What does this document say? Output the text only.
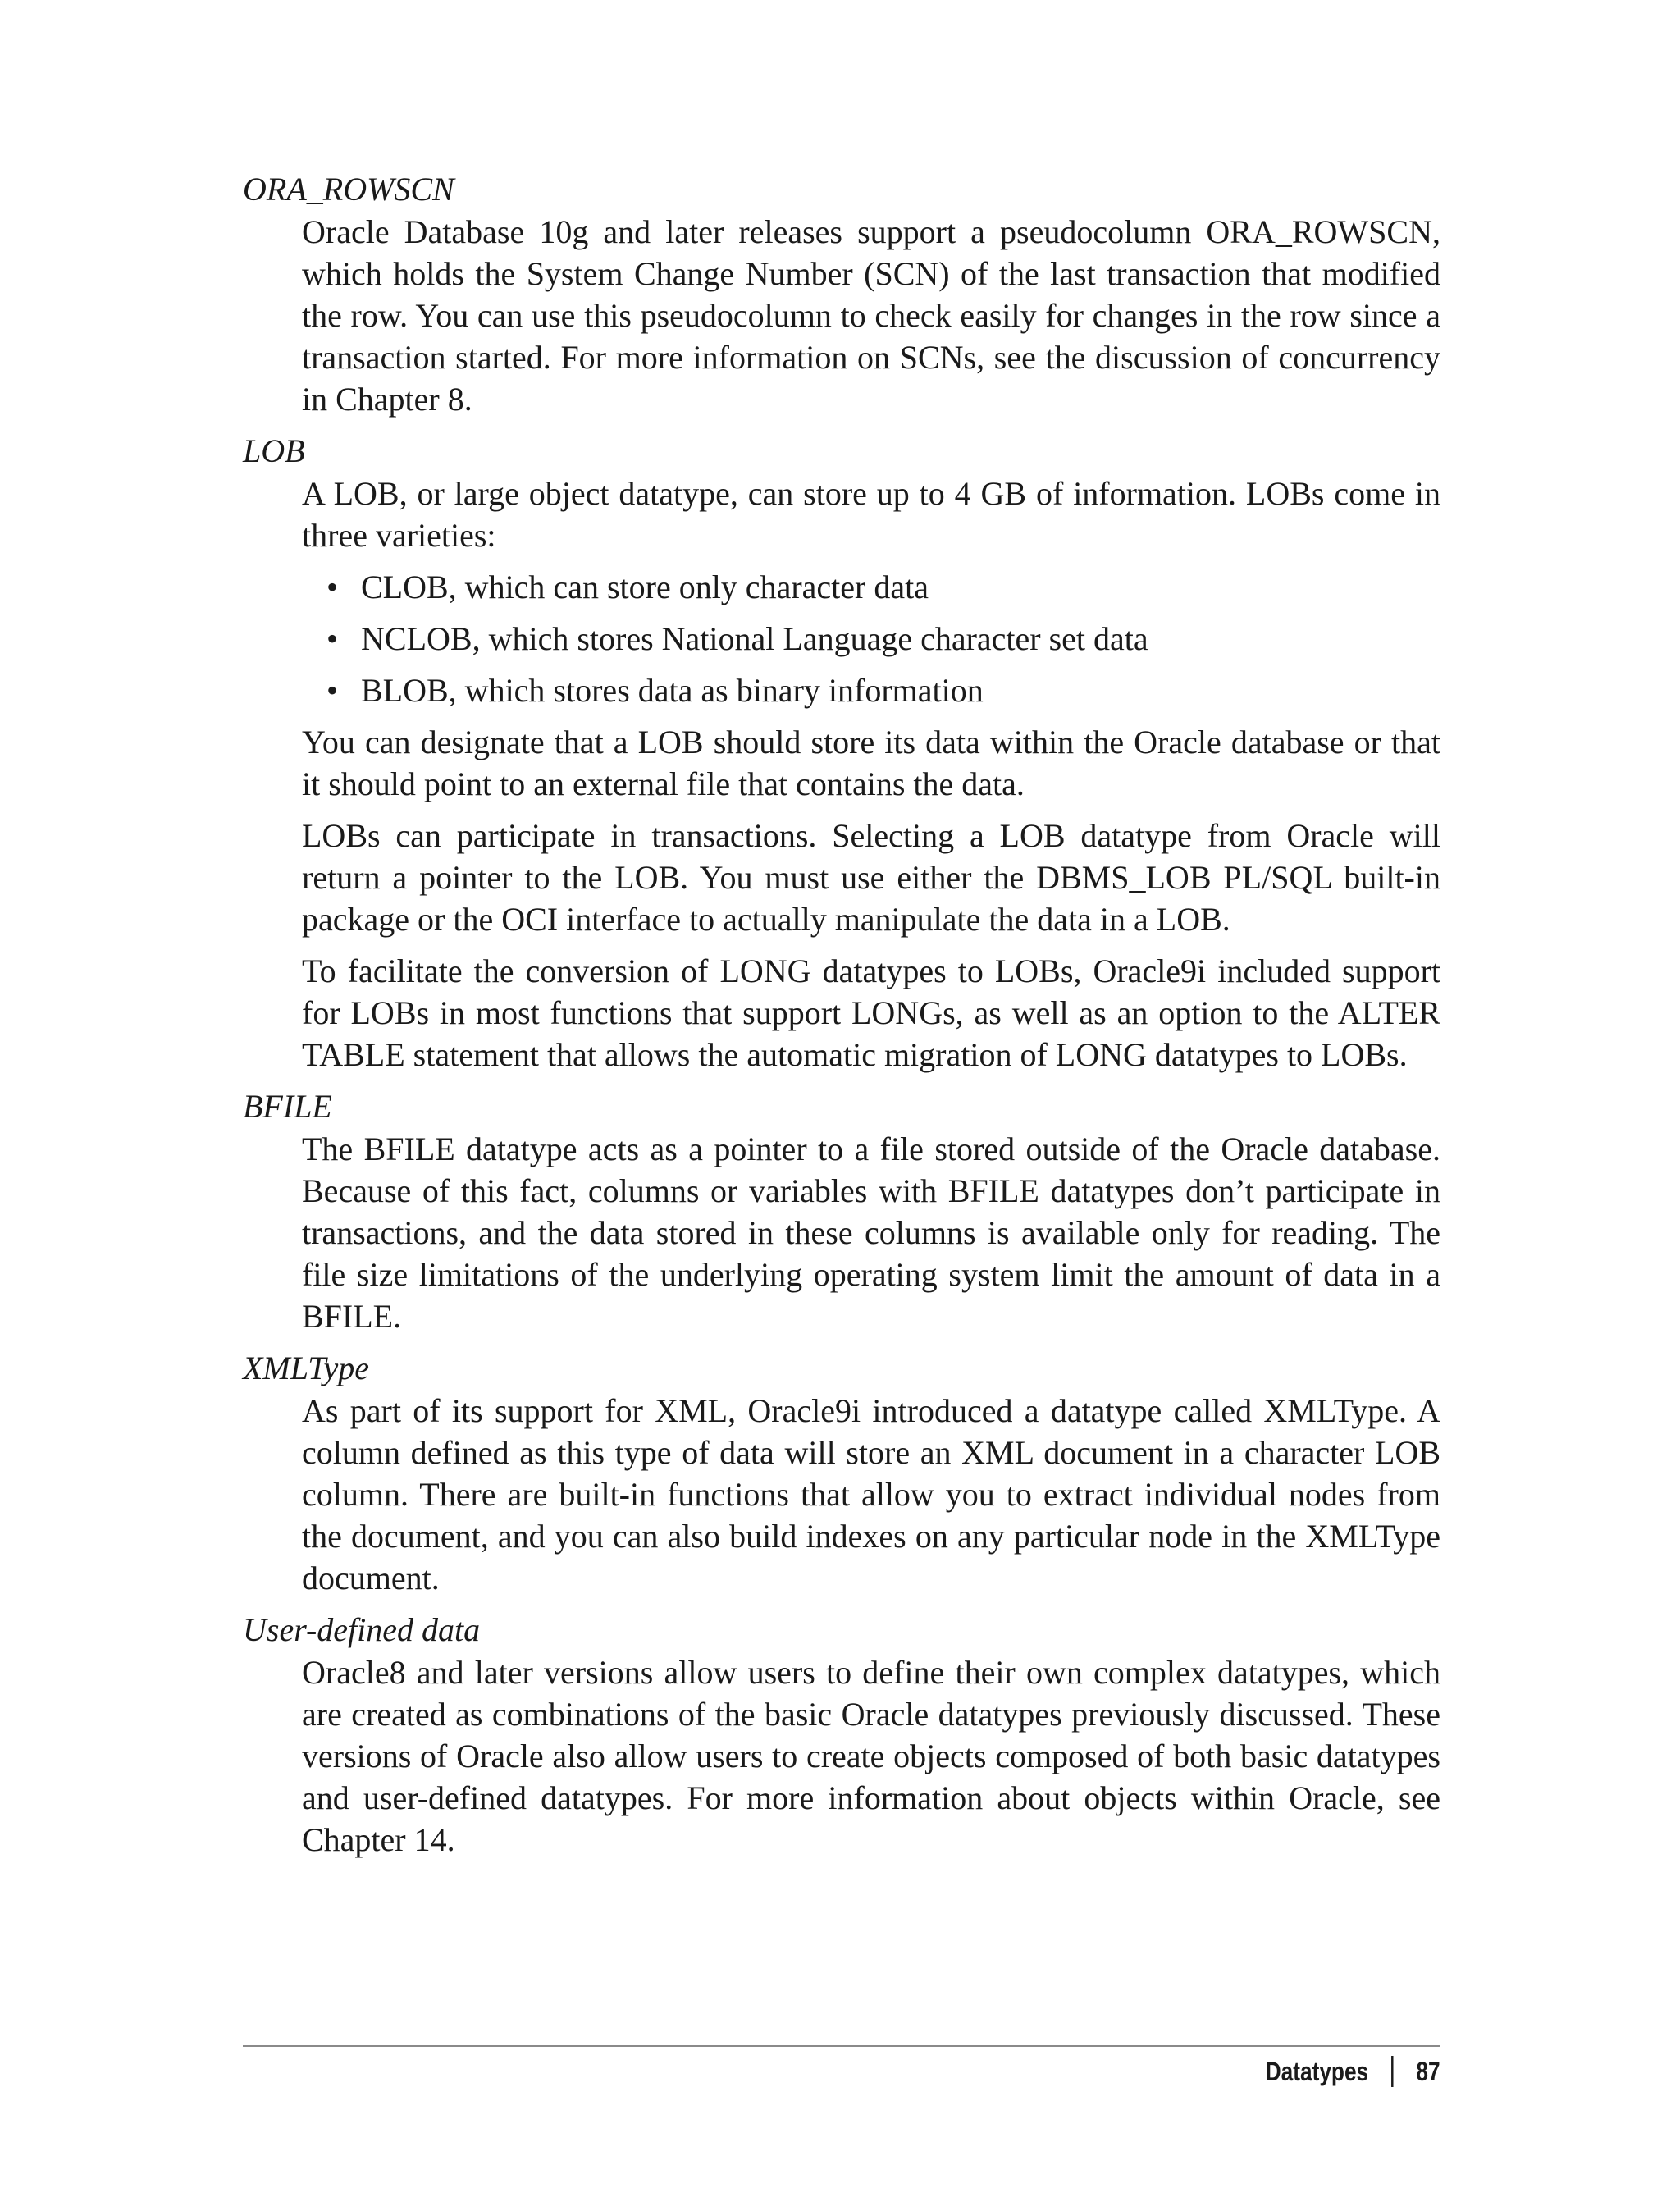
ORA_ROWSCN

Oracle Database 10g and later releases support a pseudocolumn ORA_ROWSCN, which holds the System Change Number (SCN) of the last transaction that modified the row. You can use this pseudocolumn to check easily for changes in the row since a transaction started. For more information on SCNs, see the discussion of concurrency in Chapter 8.

LOB

A LOB, or large object datatype, can store up to 4 GB of information. LOBs come in three varieties:

• CLOB, which can store only character data
• NCLOB, which stores National Language character set data
• BLOB, which stores data as binary information

You can designate that a LOB should store its data within the Oracle database or that it should point to an external file that contains the data.

LOBs can participate in transactions. Selecting a LOB datatype from Oracle will return a pointer to the LOB. You must use either the DBMS_LOB PL/SQL built-in package or the OCI interface to actually manipulate the data in a LOB.

To facilitate the conversion of LONG datatypes to LOBs, Oracle9i included support for LOBs in most functions that support LONGs, as well as an option to the ALTER TABLE statement that allows the automatic migration of LONG datatypes to LOBs.

BFILE

The BFILE datatype acts as a pointer to a file stored outside of the Oracle database. Because of this fact, columns or variables with BFILE datatypes don’t participate in transactions, and the data stored in these columns is available only for reading. The file size limitations of the underlying operating system limit the amount of data in a BFILE.

XMLType

As part of its support for XML, Oracle9i introduced a datatype called XMLType. A column defined as this type of data will store an XML document in a character LOB column. There are built-in functions that allow you to extract individual nodes from the document, and you can also build indexes on any particular node in the XMLType document.

User-defined data

Oracle8 and later versions allow users to define their own complex datatypes, which are created as combinations of the basic Oracle datatypes previously discussed. These versions of Oracle also allow users to create objects composed of both basic datatypes and user-defined datatypes. For more information about objects within Oracle, see Chapter 14.

Datatypes 87
